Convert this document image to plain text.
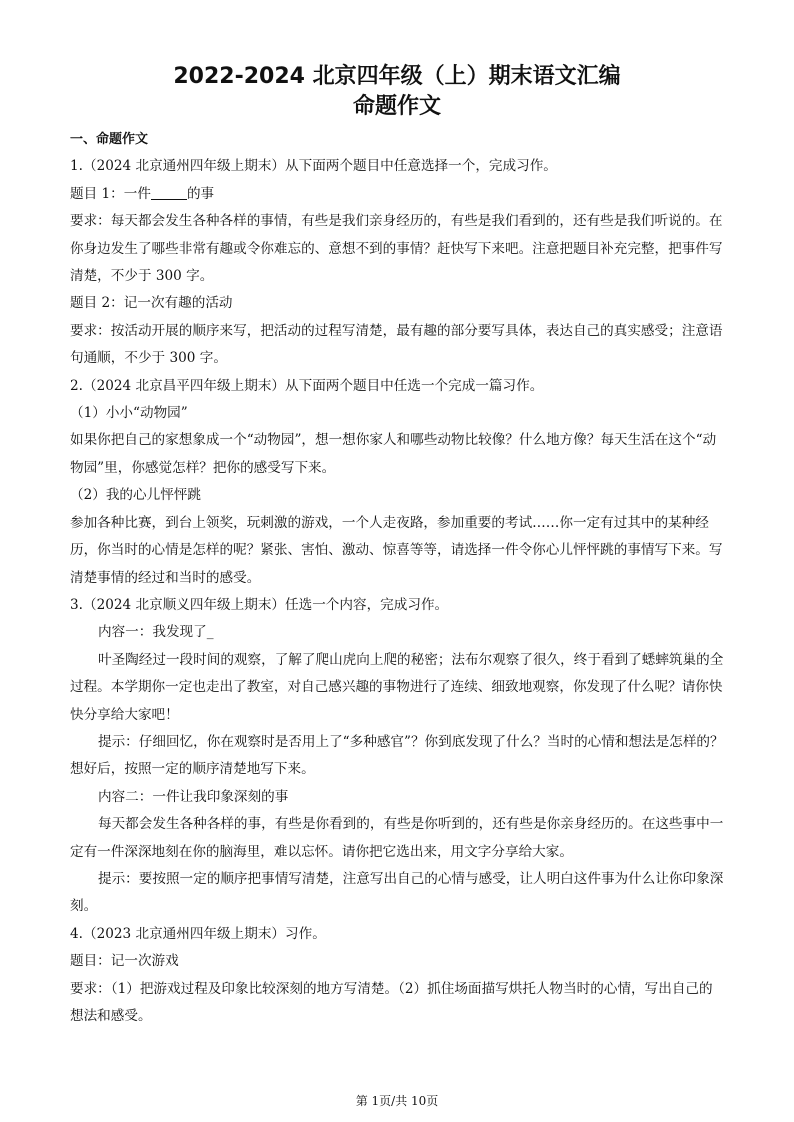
2022-2024 北京四年级（上）期末语文汇编
命题作文

一、命题作文

1.（2024 北京通州四年级上期末）从下面两个题目中任意选择一个，完成习作。

题目 1：一件	的事

要求：每天都会发生各种各样的事情，有些是我们亲身经历的，有些是我们看到的，还有些是我们听说的。在你身边发生了哪些非常有趣或令你难忘的、意想不到的事情？赶快写下来吧。注意把题目补充完整，把事件写清楚，不少于 300 字。

题目 2：记一次有趣的活动

要求：按活动开展的顺序来写，把活动的过程写清楚，最有趣的部分要写具体，表达自己的真实感受；注意语句通顺，不少于 300 字。

2.（2024 北京昌平四年级上期末）从下面两个题目中任选一个完成一篇习作。

（1）小小“动物园”

如果你把自己的家想象成一个“动物园”，想一想你家人和哪些动物比较像？什么地方像？每天生活在这个“动物园”里，你感觉怎样？把你的感受写下来。

（2）我的心儿怦怦跳

参加各种比赛，到台上领奖，玩刺激的游戏，一个人走夜路，参加重要的考试……你一定有过其中的某种经历，你当时的心情是怎样的呢？紧张、害怕、激动、惊喜等等，请选择一件令你心儿怦怦跳的事情写下来。写清楚事情的经过和当时的感受。

3.（2024 北京顺义四年级上期末）任选一个内容，完成习作。

内容一：我发现了_

叶圣陶经过一段时间的观察，了解了爬山虎向上爬的秘密；法布尔观察了很久，终于看到了蟋蟀筑巢的全过程。本学期你一定也走出了教室，对自己感兴趣的事物进行了连续、细致地观察，你发现了什么呢？请你快快分享给大家吧！

提示：仔细回忆，你在观察时是否用上了“多种感官”？你到底发现了什么？当时的心情和想法是怎样的？想好后，按照一定的顺序清楚地写下来。

内容二：一件让我印象深刻的事

每天都会发生各种各样的事，有些是你看到的，有些是你听到的，还有些是你亲身经历的。在这些事中一定有一件深深地刻在你的脑海里，难以忘怀。请你把它选出来，用文字分享给大家。

提示：要按照一定的顺序把事情写清楚，注意写出自己的心情与感受，让人明白这件事为什么让你印象深刻。

4.（2023 北京通州四年级上期末）习作。

题目：记一次游戏

要求：（1）把游戏过程及印象比较深刻的地方写清楚。（2）抓住场面描写烘托人物当时的心情，写出自己的想法和感受。

第 1页/共 10页
